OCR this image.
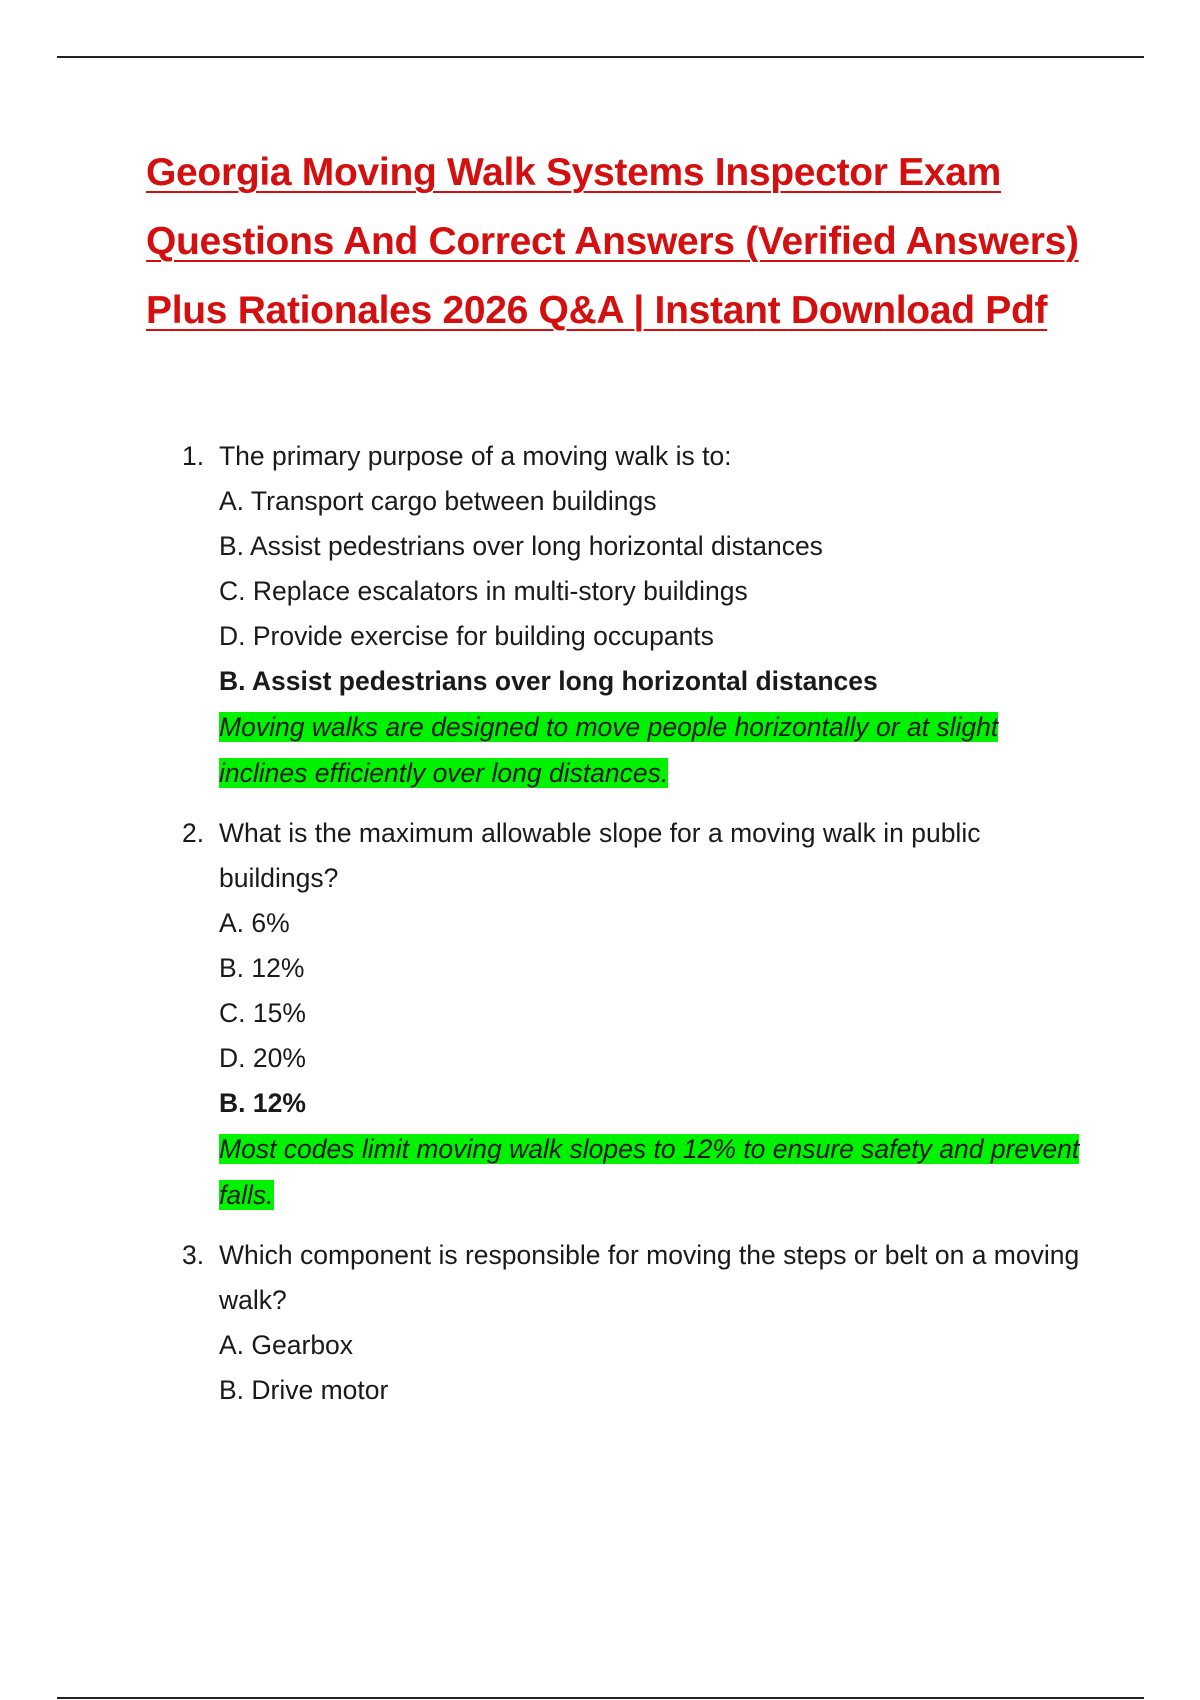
Georgia Moving Walk Systems Inspector Exam Questions And Correct Answers (Verified Answers) Plus Rationales 2026 Q&A | Instant Download Pdf
1. The primary purpose of a moving walk is to:
A. Transport cargo between buildings
B. Assist pedestrians over long horizontal distances
C. Replace escalators in multi-story buildings
D. Provide exercise for building occupants
B. Assist pedestrians over long horizontal distances
Moving walks are designed to move people horizontally or at slight inclines efficiently over long distances.
2. What is the maximum allowable slope for a moving walk in public buildings?
A. 6%
B. 12%
C. 15%
D. 20%
B. 12%
Most codes limit moving walk slopes to 12% to ensure safety and prevent falls.
3. Which component is responsible for moving the steps or belt on a moving walk?
A. Gearbox
B. Drive motor
